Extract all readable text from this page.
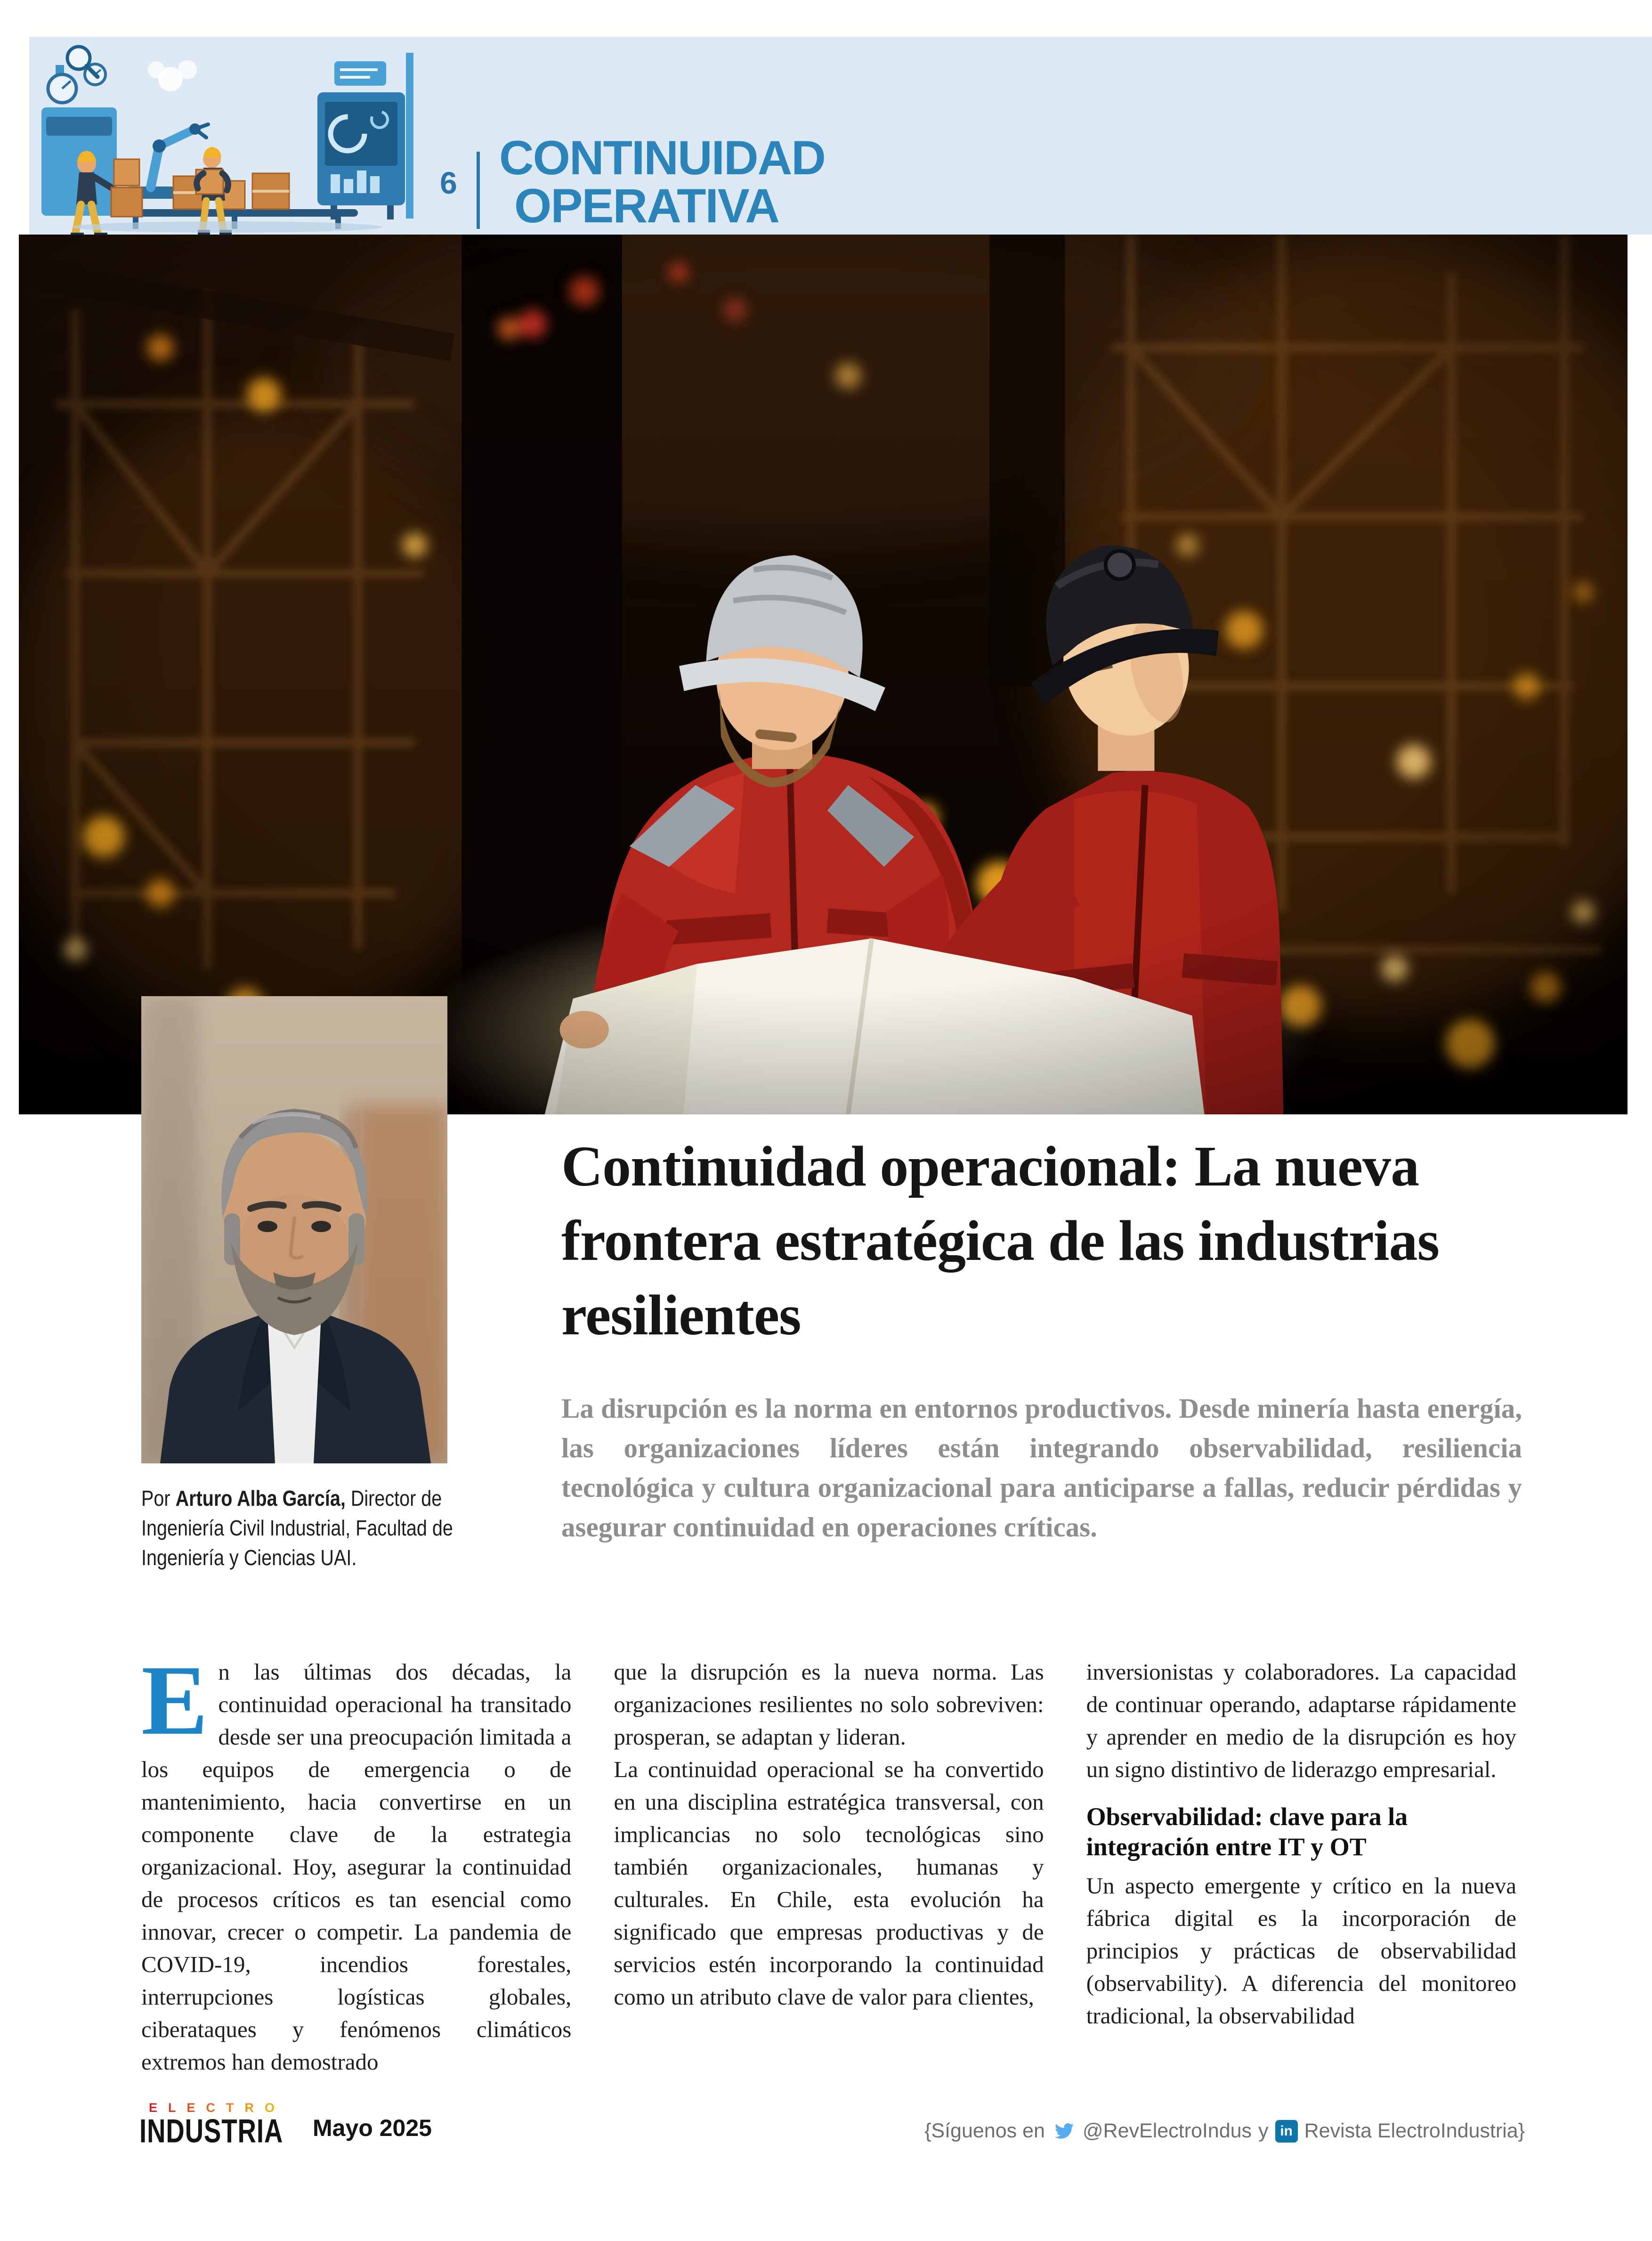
6 CONTINUIDAD
OPERATIVA
Continuidad operacional: La nueva frontera estratégica de las industrias resilientes

La disrupción es la norma en entornos productivos. Desde minería hasta energía, las organizaciones líderes están integrando observabilidad, resiliencia tecnológica y cultura organizacional para anticiparse a fallas, reducir pérdidas y asegurar continuidad en operaciones críticas.

Por Arturo Alba García, Director de
Ingeniería Civil Industrial, Facultad de
Ingeniería y Ciencias UAI.

En las últimas dos décadas, la continuidad operacional ha transitado desde ser una preocupación limitada a los equipos de emergencia o de mantenimiento, hacia convertirse en un componente clave de la estrategia organizacional. Hoy, asegurar la continuidad de procesos críticos es tan esencial como innovar, crecer o competir. La pandemia de COVID-19, incendios forestales, interrupciones logísticas globales, ciberataques y fenómenos climáticos extremos han demostrado

que la disrupción es la nueva norma. Las organizaciones resilientes no solo sobreviven: prosperan, se adaptan y lideran.

La continuidad operacional se ha convertido en una disciplina estratégica transversal, con implicancias no solo tecnológicas sino también organizacionales, humanas y culturales. En Chile, esta evolución ha significado que empresas productivas y de servicios estén incorporando la continuidad como un atributo clave de valor para clientes,

inversionistas y colaboradores. La capacidad de continuar operando, adaptarse rápidamente y aprender en medio de la disrupción es hoy un signo distintivo de liderazgo empresarial.

Observabilidad: clave para la integración entre IT y OT

Un aspecto emergente y crítico en la nueva fábrica digital es la incorporación de principios y prácticas de observabilidad (observability). A diferencia del monitoreo tradicional, la observabilidad

ELECTRO
INDUSTRIA	Mayo 2025	{Síguenos en @RevElectroIndus y in Revista ElectroIndustria}
